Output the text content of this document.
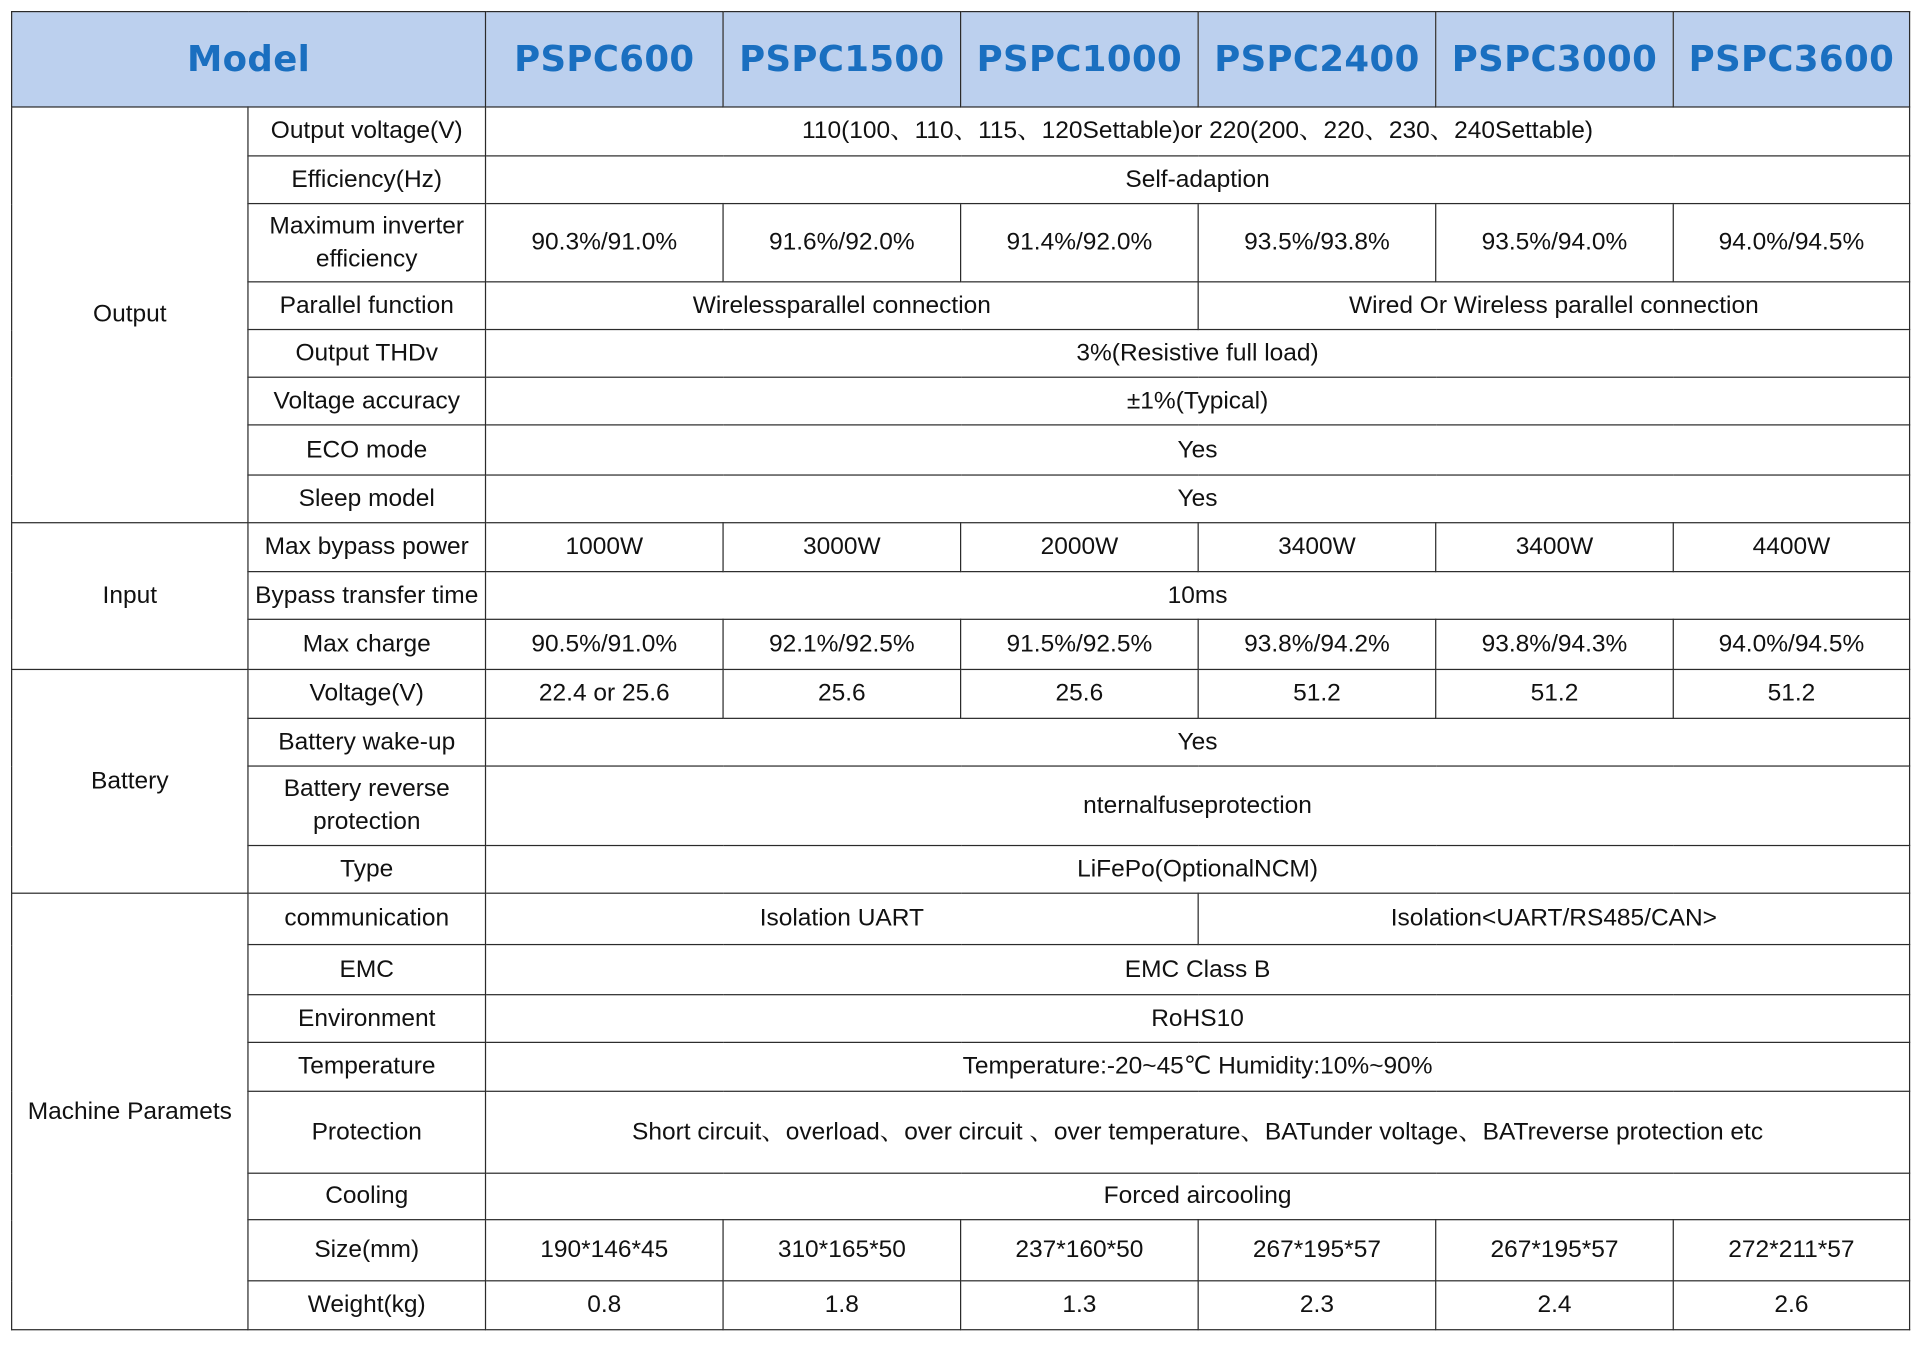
Model		PSPC600	PSPC1500	PSPC1000	PSPC2400	PSPC3000	PSPC3600
Output	Output voltage(V)	110(100、110、115、120Settable)or 220(200、220、230、240Settable)					
	Efficiency(Hz)	Self-adaption					
	Maximum inverter efficiency	90.3%/91.0%	91.6%/92.0%	91.4%/92.0%	93.5%/93.8%	93.5%/94.0%	94.0%/94.5%
	Parallel function	Wirelessparallel connection			Wired Or Wireless parallel connection		
	Output THDv	3%(Resistive full load)					
	Voltage accuracy	±1%(Typical)					
	ECO mode	Yes					
	Sleep model	Yes					
Input	Max bypass power	1000W	3000W	2000W	3400W	3400W	4400W

	Bypass transfer time	10ms					

	Max charge	90.5%/91.0%	92.1%/92.5%	91.5%/92.5%	93.8%/94.2%	93.8%/94.3%	94.0%/94.5%
Battery	Voltage(V)	22.4 or 25.6	25.6	25.6	51.2	51.2	51.2
	Battery wake-up	Yes					
	Battery reverse protection	nternalfuseprotection					
	Type	LiFePo(OptionalNCM)					
Machine Paramets	communication	Isolation UART			Isolation<UART/RS485/CAN>		
	EMC	EMC Class B					
	Environment	RoHS10					
	Temperature	Temperature:-20~45℃ Humidity:10%~90%					
	Protection	Short circuit、overload、over circuit 、over temperature、BATunder voltage、BATreverse protection etc					
	Cooling	Forced aircooling					
	Size(mm)	190*146*45	310*165*50	237*160*50	267*195*57	267*195*57	272*211*57
	Weight(kg)	0.8	1.8	1.3	2.3	2.4	2.6
